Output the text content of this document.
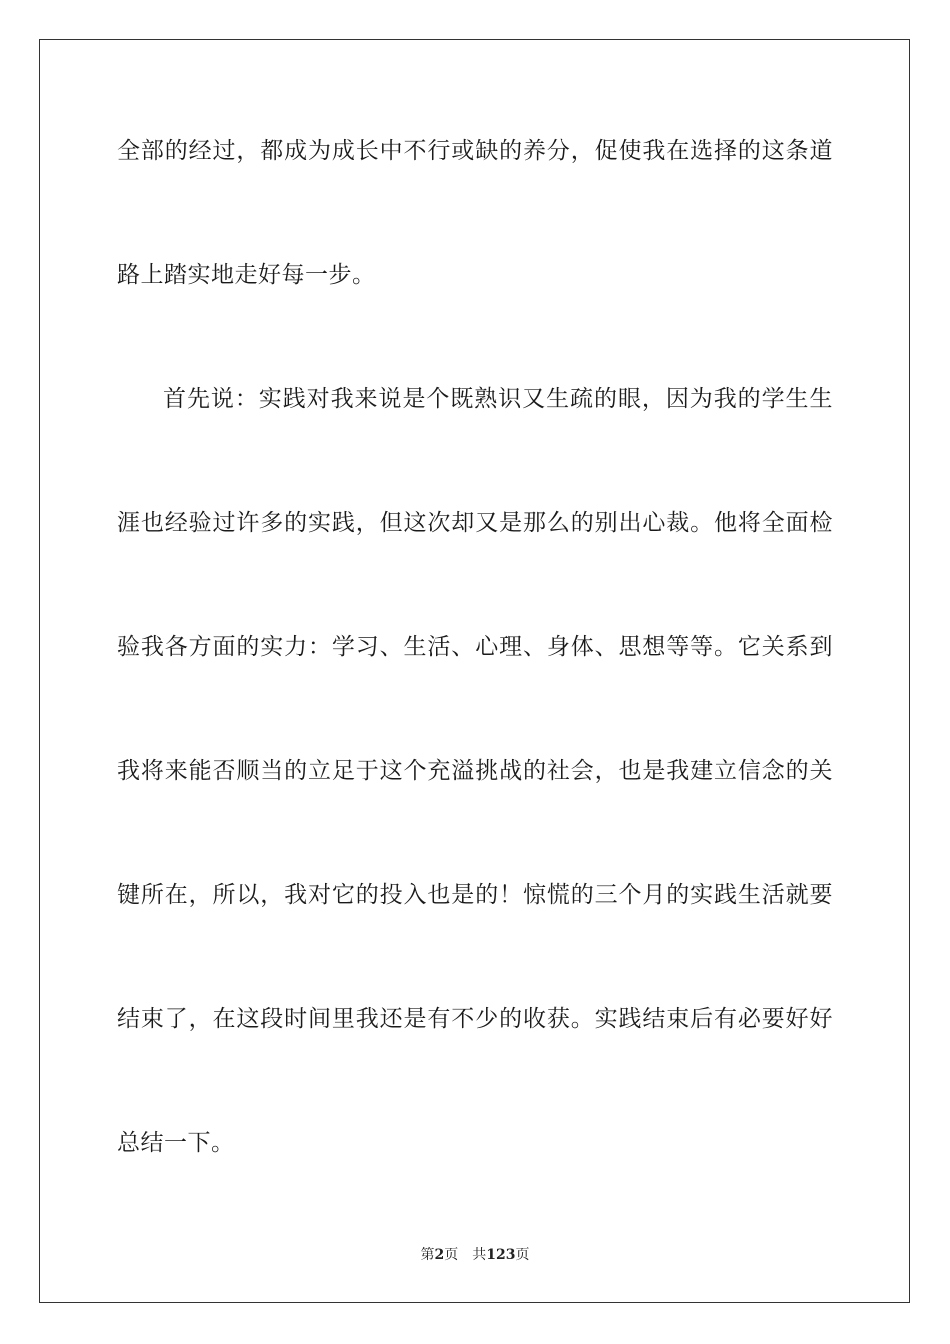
全部的经过，都成为成长中不行或缺的养分，促使我在选择的这条道
路上踏实地走好每一步。
首先说：实践对我来说是个既熟识又生疏的眼，因为我的学生生
涯也经验过许多的实践，但这次却又是那么的别出心裁。他将全面检
验我各方面的实力：学习、生活、心理、身体、思想等等。它关系到
我将来能否顺当的立足于这个充溢挑战的社会，也是我建立信念的关
键所在，所以，我对它的投入也是的！惊慌的三个月的实践生活就要
结束了，在这段时间里我还是有不少的收获。实践结束后有必要好好
总结一下。
第2页 共123页
